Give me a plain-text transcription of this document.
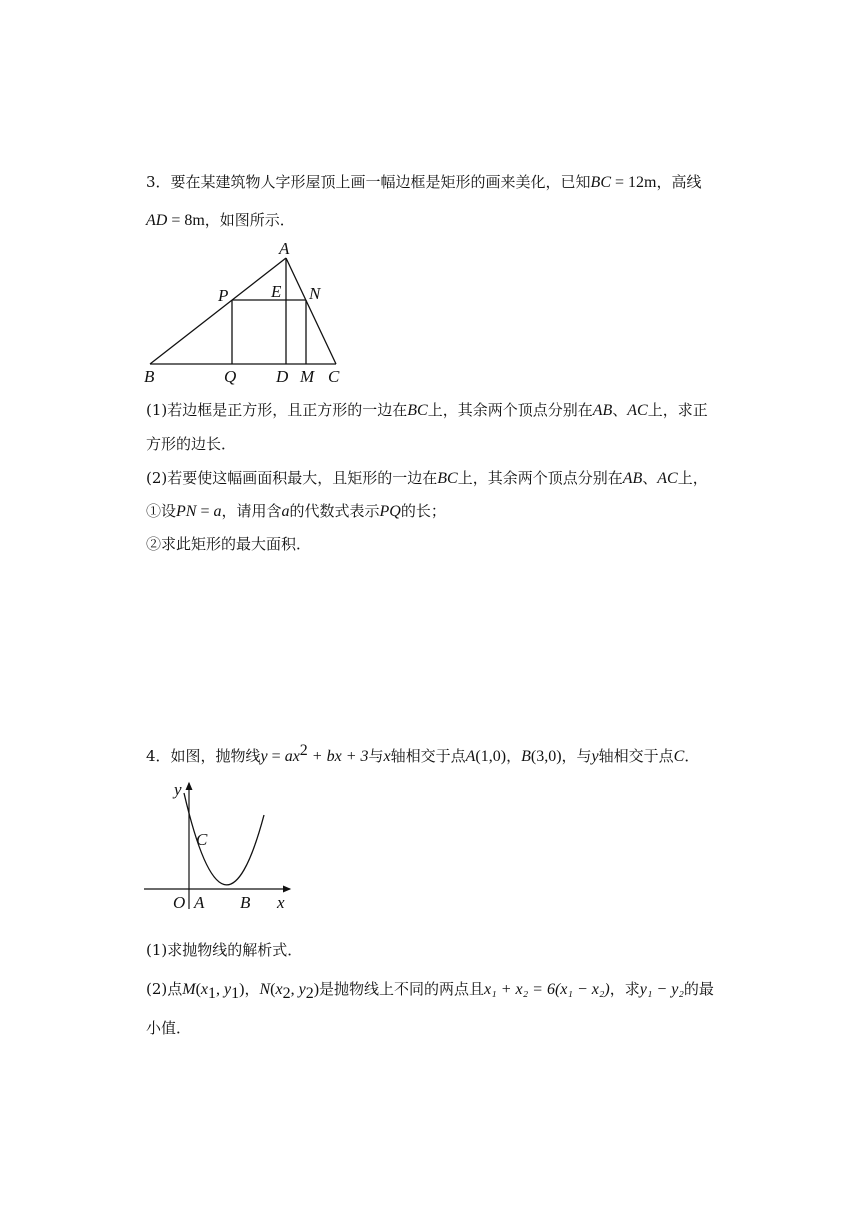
3．要在某建筑物人字形屋顶上画一幅边框是矩形的画来美化，已知BC = 12m，高线
AD = 8m，如图所示．
A
P	E N
B	Q D M C
(1)若边框是正方形，且正方形的一边在BC上，其余两个顶点分别在AB、AC上，求正
方形的边长．
(2)若要使这幅画面积最大，且矩形的一边在BC上，其余两个顶点分别在AB、AC上，
①设PN = a，请用含a的代数式表示PQ的长；
②求此矩形的最大面积．
4．如图，抛物线$y = ax^2$ + bx + 3与x轴相交于点A(1,0)，B(3,0)，与y轴相交于点C．
y
C
O A B x
(1)求抛物线的解析式．
(2)点$M(x_1$, $y_1$)，$N(x_2$, $y_2$)是抛物线上不同的两点且x₁ + x₂ = 6(x₁ − x₂)，求y₁ − y₂的最
小值．
